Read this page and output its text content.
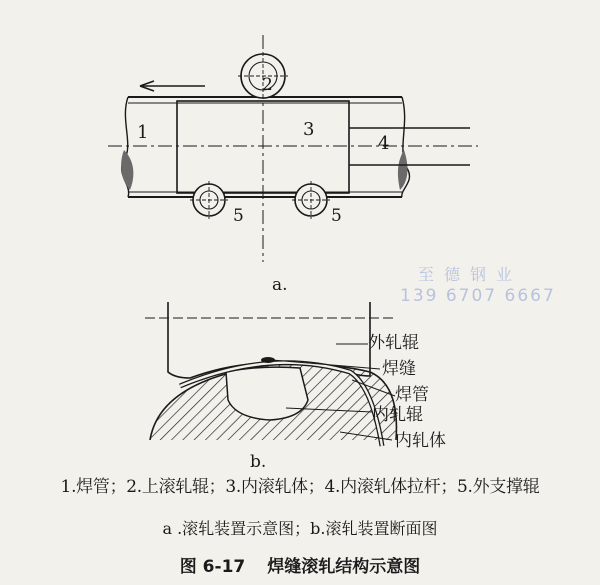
1
2
3
4
5	5
a.
外轧辊
焊缝
焊管
内轧辊
内轧体
b.
至德钢业
139 6707 6667
1.焊管；2.上滚轧辊；3.内滚轧体；4.内滚轧体拉杆；5.外支撑辊
a .滚轧装置示意图；b.滚轧装置断面图
图 6-17 焊缝滚轧结构示意图
